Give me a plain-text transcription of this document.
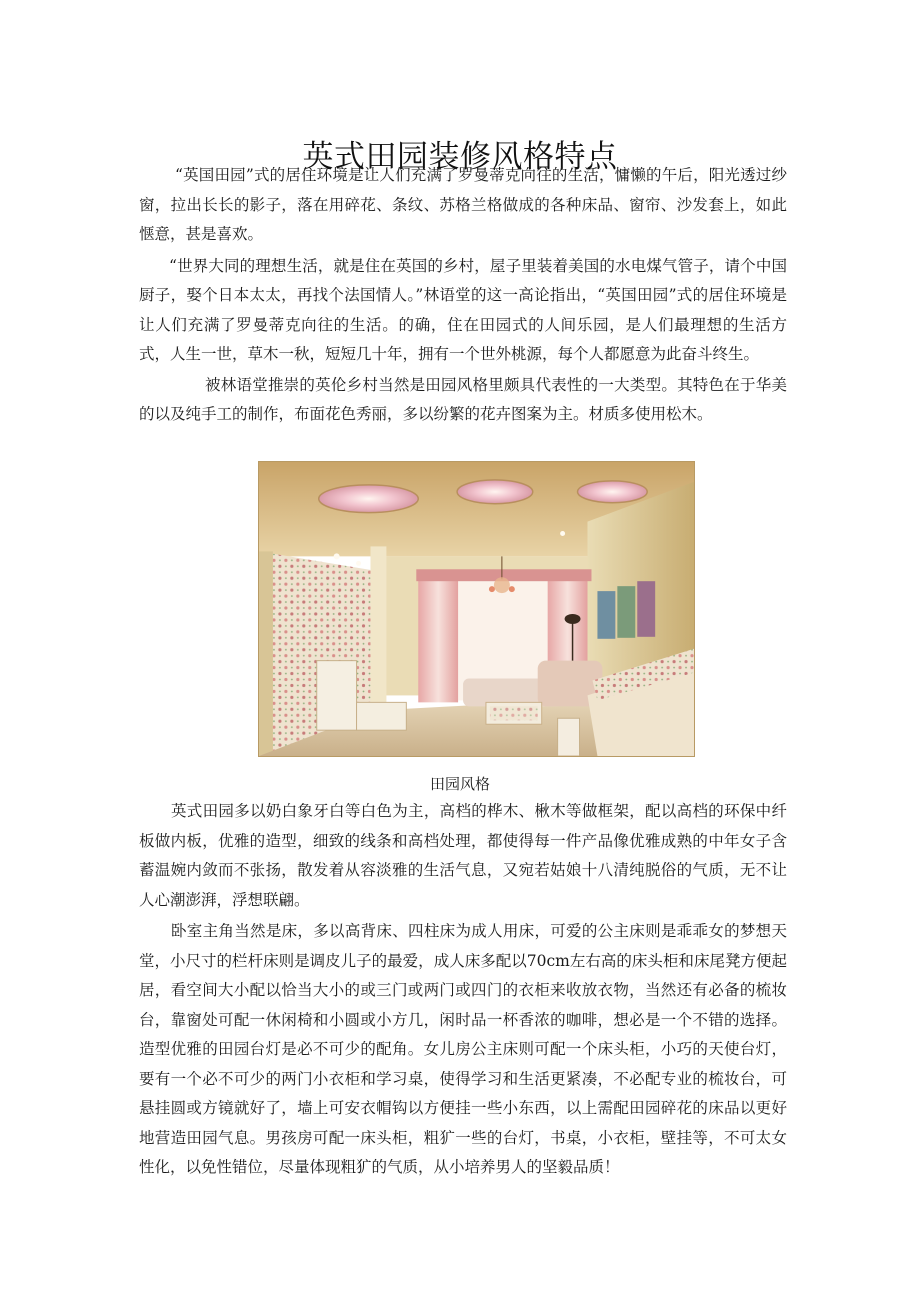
英式田园装修风格特点

“英国田园”式的居住环境是让人们充满了罗曼蒂克向往的生活，慵懒的午后，阳光透过纱窗，拉出长长的影子，落在用碎花、条纹、苏格兰格做成的各种床品、窗帘、沙发套上，如此惬意，甚是喜欢。

“世界大同的理想生活，就是住在英国的乡村，屋子里装着美国的水电煤气管子，请个中国厨子，娶个日本太太，再找个法国情人。”林语堂的这一高论指出，“英国田园”式的居住环境是让人们充满了罗曼蒂克向往的生活。的确，住在田园式的人间乐园，是人们最理想的生活方式，人生一世，草木一秋，短短几十年，拥有一个世外桃源，每个人都愿意为此奋斗终生。

被林语堂推崇的英伦乡村当然是田园风格里颇具代表性的一大类型。其特色在于华美的以及纯手工的制作，布面花色秀丽，多以纷繁的花卉图案为主。材质多使用松木。

田园风格

英式田园多以奶白象牙白等白色为主，高档的桦木、楸木等做框架，配以高档的环保中纤板做内板，优雅的造型，细致的线条和高档处理，都使得每一件产品像优雅成熟的中年女子含蓄温婉内敛而不张扬，散发着从容淡雅的生活气息，又宛若姑娘十八清纯脱俗的气质，无不让人心潮澎湃，浮想联翩。

卧室主角当然是床，多以高背床、四柱床为成人用床，可爱的公主床则是乖乖女的梦想天堂，小尺寸的栏杆床则是调皮儿子的最爱，成人床多配以70cm左右高的床头柜和床尾凳方便起居，看空间大小配以恰当大小的或三门或两门或四门的衣柜来收放衣物，当然还有必备的梳妆台，靠窗处可配一休闲椅和小圆或小方几，闲时品一杯香浓的咖啡，想必是一个不错的选择。造型优雅的田园台灯是必不可少的配角。女儿房公主床则可配一个床头柜，小巧的天使台灯，要有一个必不可少的两门小衣柜和学习桌，使得学习和生活更紧凑，不必配专业的梳妆台，可悬挂圆或方镜就好了，墙上可安衣帽钩以方便挂一些小东西，以上需配田园碎花的床品以更好地营造田园气息。男孩房可配一床头柜，粗犷一些的台灯，书桌，小衣柜，壁挂等，不可太女性化，以免性错位，尽量体现粗犷的气质，从小培养男人的坚毅品质！
